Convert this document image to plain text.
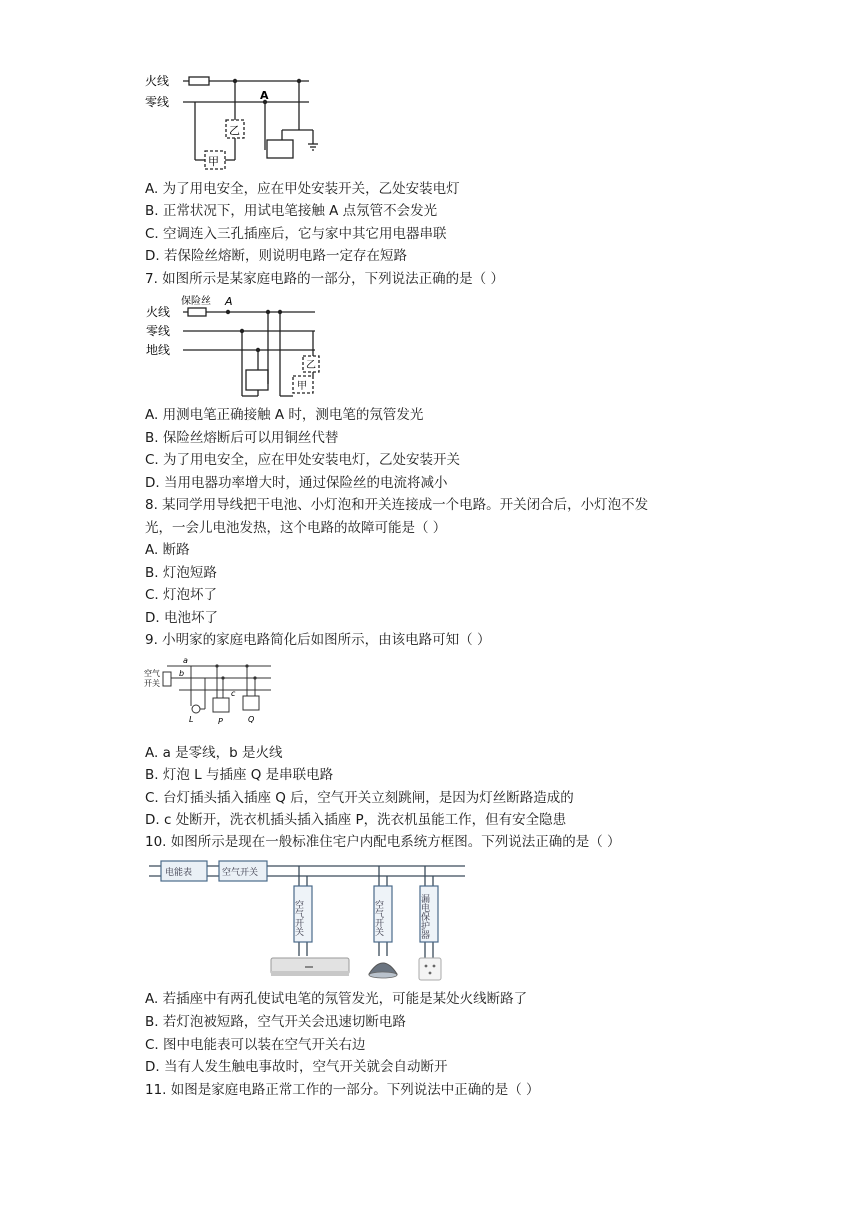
火线
零线	A
乙
甲
A. 为了用电安全，应在甲处安装开关，乙处安装电灯
B. 正常状况下，用试电笔接触 A 点氖管不会发光
C. 空调连入三孔插座后，它与家中其它用电器串联
D. 若保险丝熔断，则说明电路一定存在短路
7. 如图所示是某家庭电路的一部分，下列说法正确的是（ ）
火线
零线
地线
保险丝 A
乙
甲
A. 用测电笔正确接触 A 时，测电笔的氖管发光
B. 保险丝熔断后可以用铜丝代替
C. 为了用电安全，应在甲处安装电灯，乙处安装开关
D. 当用电器功率增大时，通过保险丝的电流将减小
8. 某同学用导线把干电池、小灯泡和开关连接成一个电路。开关闭合后，小灯泡不发
光，一会儿电池发热，这个电路的故障可能是（ ）
A. 断路
B. 灯泡短路
C. 灯泡坏了
D. 电池坏了
9. 小明家的家庭电路简化后如图所示，由该电路可知（ ）
空气
开关
a
b
c
L	P	Q
A. a 是零线，b 是火线
B. 灯泡 L 与插座 Q 是串联电路
C. 台灯插头插入插座 Q 后，空气开关立刻跳闸，是因为灯丝断路造成的
D. c 处断开，洗衣机插头插入插座 P，洗衣机虽能工作，但有安全隐患
10. 如图所示是现在一般标准住宅户内配电系统方框图。下列说法正确的是（ ）
电能表	空气开关
空气开关	空气开关	漏电保护器
A. 若插座中有两孔使试电笔的氖管发光，可能是某处火线断路了
B. 若灯泡被短路，空气开关会迅速切断电路
C. 图中电能表可以装在空气开关右边
D. 当有人发生触电事故时，空气开关就会自动断开
11. 如图是家庭电路正常工作的一部分。下列说法中正确的是（ ）
